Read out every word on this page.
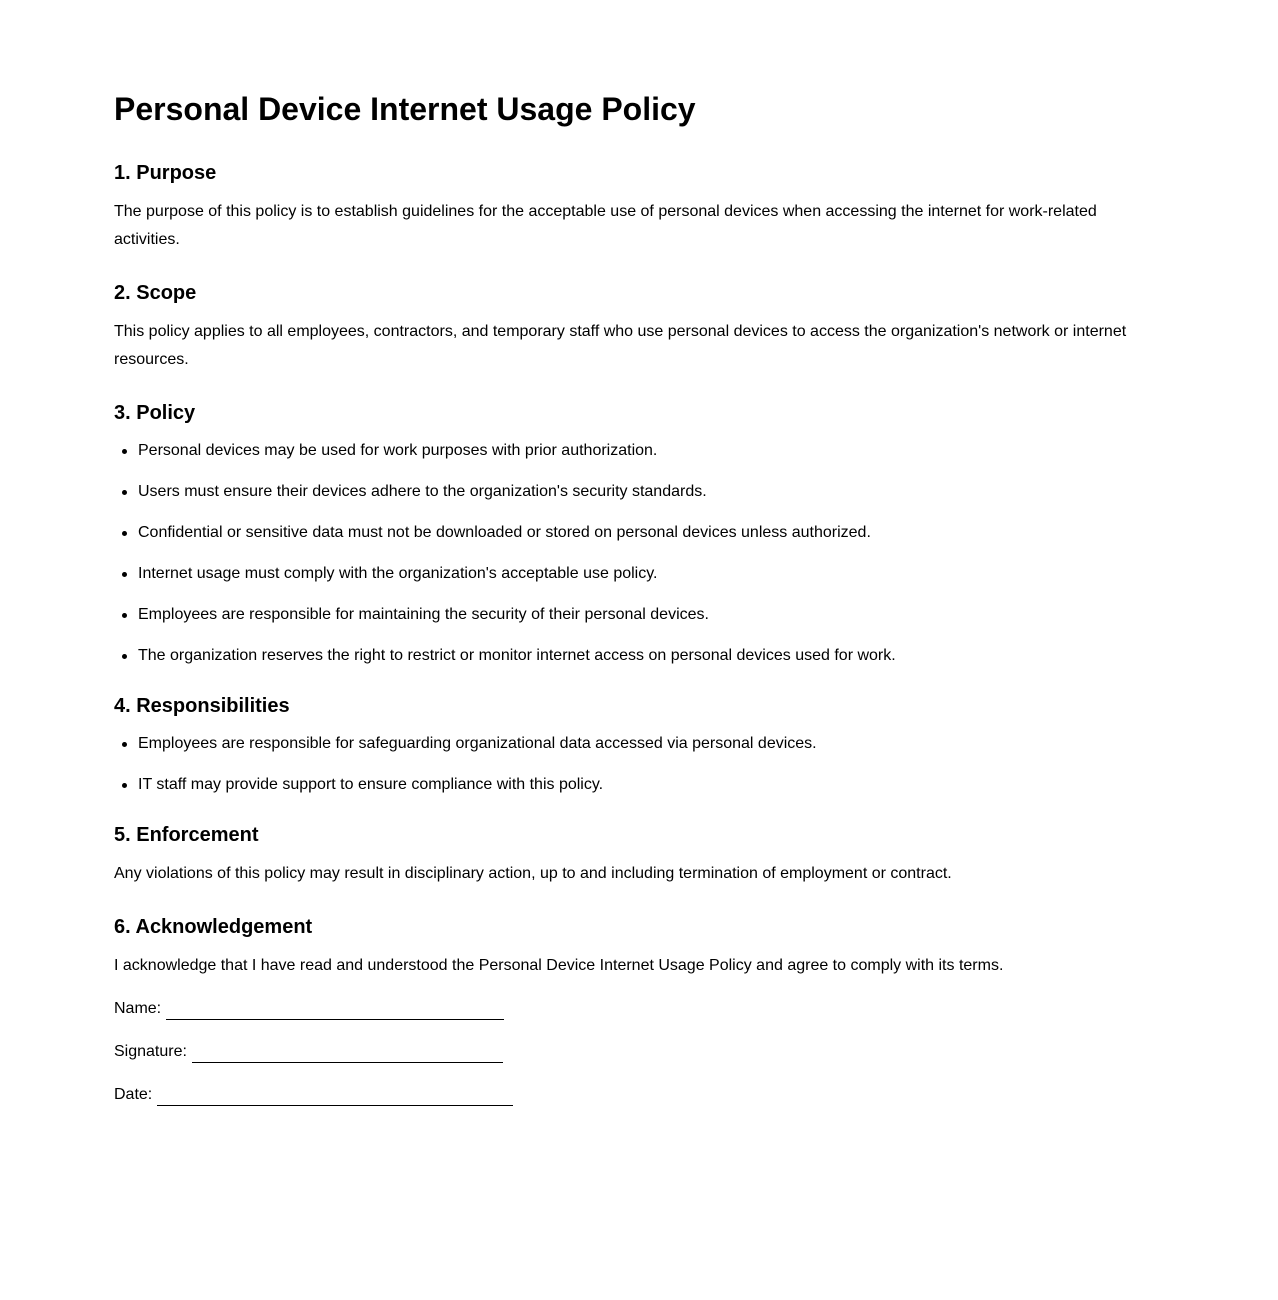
Personal Device Internet Usage Policy
1. Purpose

The purpose of this policy is to establish guidelines for the acceptable use of personal devices when accessing the internet for work-related activities.

2. Scope

This policy applies to all employees, contractors, and temporary staff who use personal devices to access the organization's network or internet resources.

3. Policy
Personal devices may be used for work purposes with prior authorization.
Users must ensure their devices adhere to the organization's security standards.
Confidential or sensitive data must not be downloaded or stored on personal devices unless authorized.
Internet usage must comply with the organization's acceptable use policy.
Employees are responsible for maintaining the security of their personal devices.
The organization reserves the right to restrict or monitor internet access on personal devices used for work.
4. Responsibilities
Employees are responsible for safeguarding organizational data accessed via personal devices.
IT staff may provide support to ensure compliance with this policy.
5. Enforcement

Any violations of this policy may result in disciplinary action, up to and including termination of employment or contract.

6. Acknowledgement

I acknowledge that I have read and understood the Personal Device Internet Usage Policy and agree to comply with its terms.

Name:
Signature:
Date:
